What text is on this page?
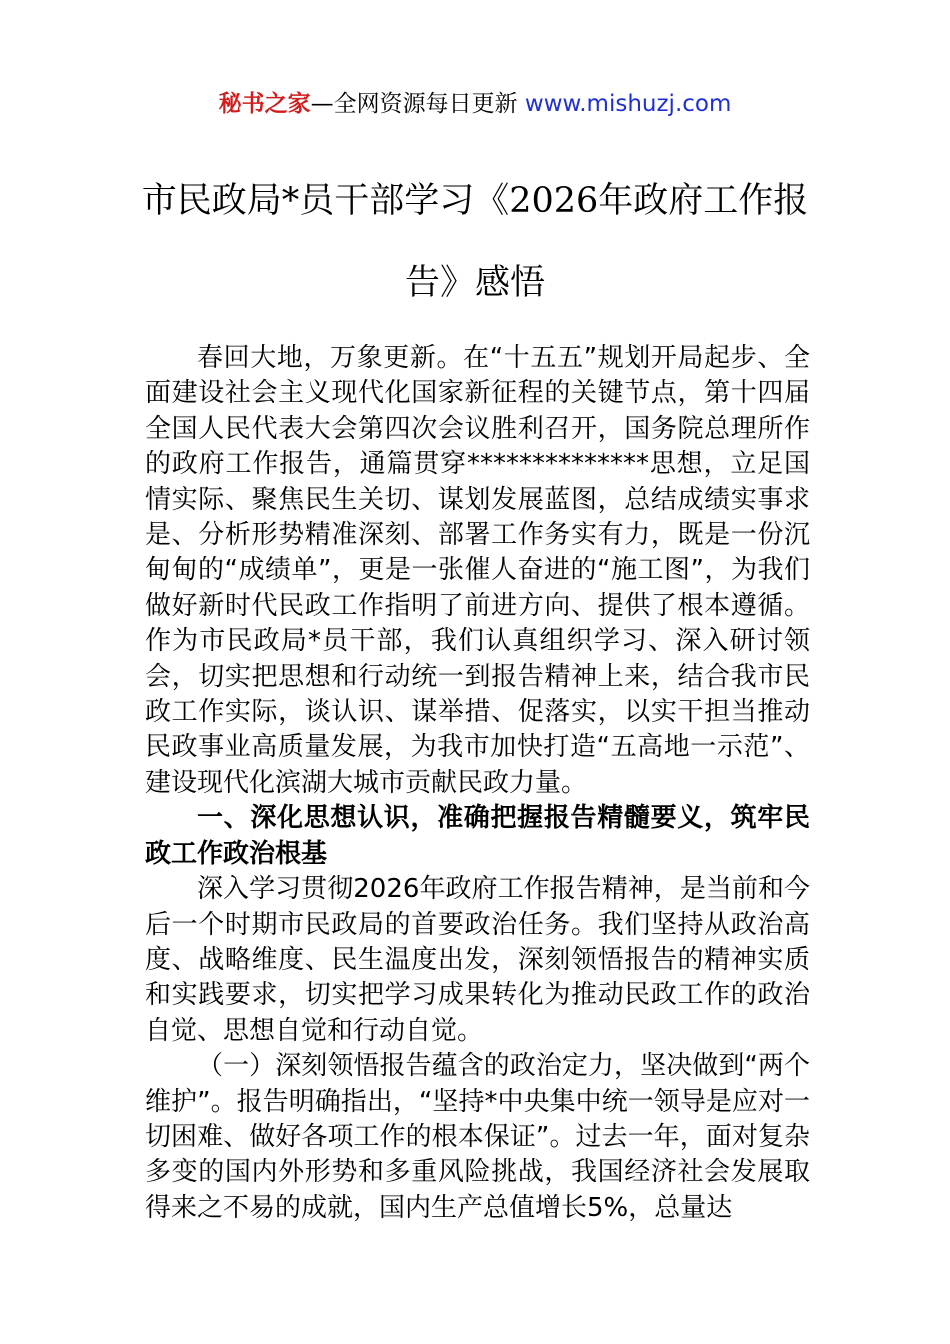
秘书之家—全网资源每日更新 www.mishuzj.com
市民政局*员干部学习《2026年政府工作报告》感悟

春回大地，万象更新。在“十五五”规划开局起步、全面建设社会主义现代化国家新征程的关键节点，第十四届全国人民代表大会第四次会议胜利召开，国务院总理所作的政府工作报告，通篇贯穿**************思想，立足国情实际、聚焦民生关切、谋划发展蓝图，总结成绩实事求是、分析形势精准深刻、部署工作务实有力，既是一份沉甸甸的“成绩单”，更是一张催人奋进的“施工图”，为我们做好新时代民政工作指明了前进方向、提供了根本遵循。作为市民政局*员干部，我们认真组织学习、深入研讨领会，切实把思想和行动统一到报告精神上来，结合我市民政工作实际，谈认识、谋举措、促落实，以实干担当推动民政事业高质量发展，为我市加快打造“五高地一示范”、建设现代化滨湖大城市贡献民政力量。

一、深化思想认识，准确把握报告精髓要义，筑牢民政工作政治根基

深入学习贯彻2026年政府工作报告精神，是当前和今后一个时期市民政局的首要政治任务。我们坚持从政治高度、战略维度、民生温度出发，深刻领悟报告的精神实质和实践要求，切实把学习成果转化为推动民政工作的政治自觉、思想自觉和行动自觉。

（一）深刻领悟报告蕴含的政治定力，坚决做到“两个维护”。报告明确指出，“坚持*中央集中统一领导是应对一切困难、做好各项工作的根本保证”。过去一年，面对复杂多变的国内外形势和多重风险挑战，我国经济社会发展取得来之不易的成就，国内生产总值增长5%，总量达
